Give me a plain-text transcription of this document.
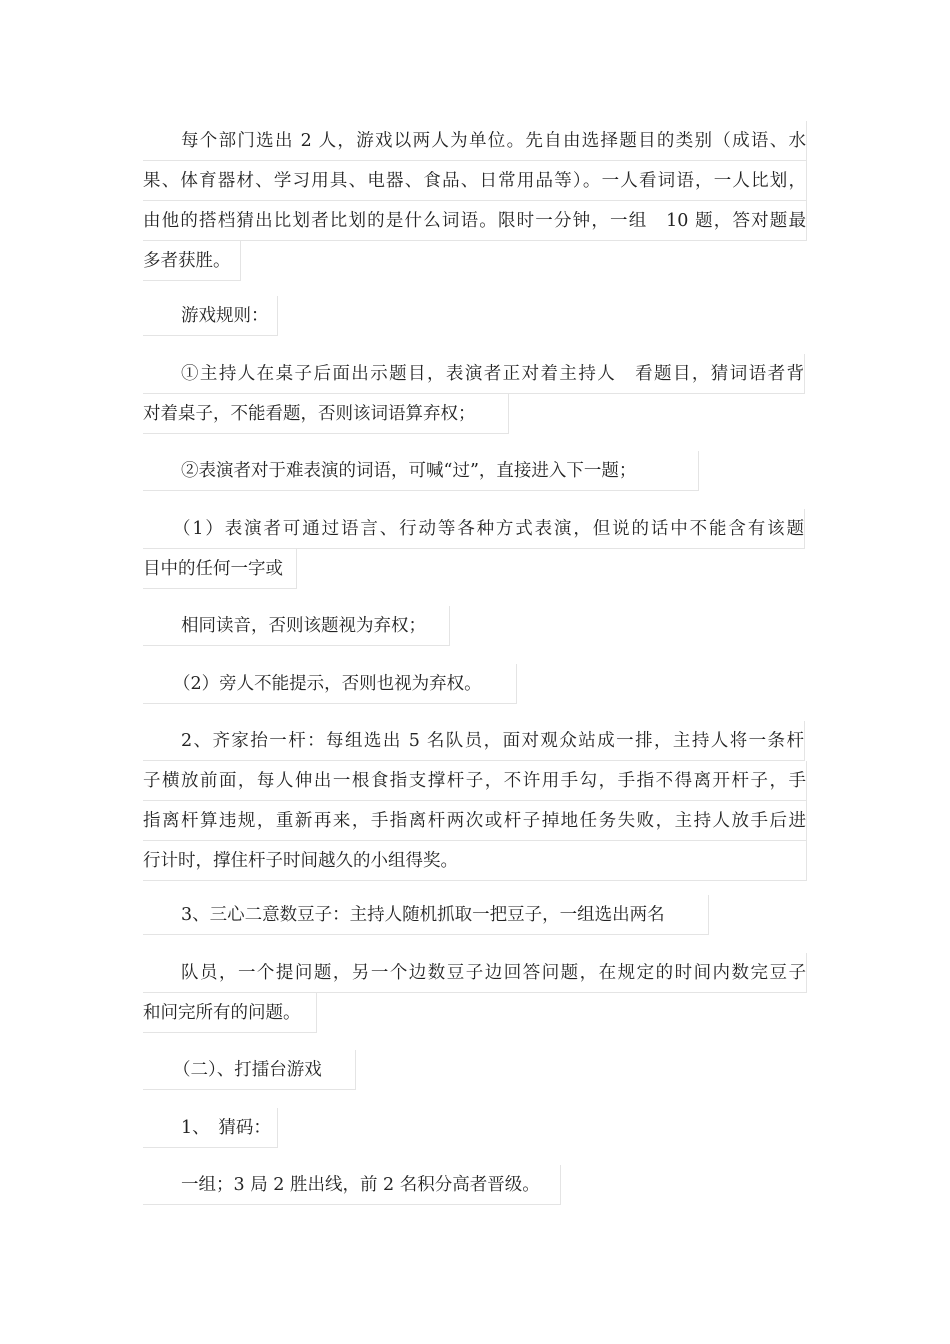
每个部门选出 2 人，游戏以两人为单位。先自由选择题目的类别（成语、水
果、体育器材、学习用具、电器、食品、日常用品等）。一人看词语，一人比划，
由他的搭档猜出比划者比划的是什么词语。限时一分钟，一组　10 题，答对题最
多者获胜。
游戏规则：
①主持人在桌子后面出示题目，表演者正对着主持人　看题目，猜词语者背
对着桌子，不能看题，否则该词语算弃权；
②表演者对于难表演的词语，可喊“过”，直接进入下一题；
（1）表演者可通过语言、行动等各种方式表演，但说的话中不能含有该题
目中的任何一字或
相同读音，否则该题视为弃权；
（2）旁人不能提示，否则也视为弃权。
2、齐家抬一杆：每组选出 5 名队员，面对观众站成一排，主持人将一条杆
子横放前面，每人伸出一根食指支撑杆子，不许用手勾，手指不得离开杆子，手
指离杆算违规，重新再来，手指离杆两次或杆子掉地任务失败，主持人放手后进
行计时，撑住杆子时间越久的小组得奖。
3、三心二意数豆子：主持人随机抓取一把豆子，一组选出两名
队员，一个提问题，另一个边数豆子边回答问题，在规定的时间内数完豆子
和问完所有的问题。
（二）、打擂台游戏
1、　猜码：
一组；3 局 2 胜出线，前 2 名积分高者晋级。
